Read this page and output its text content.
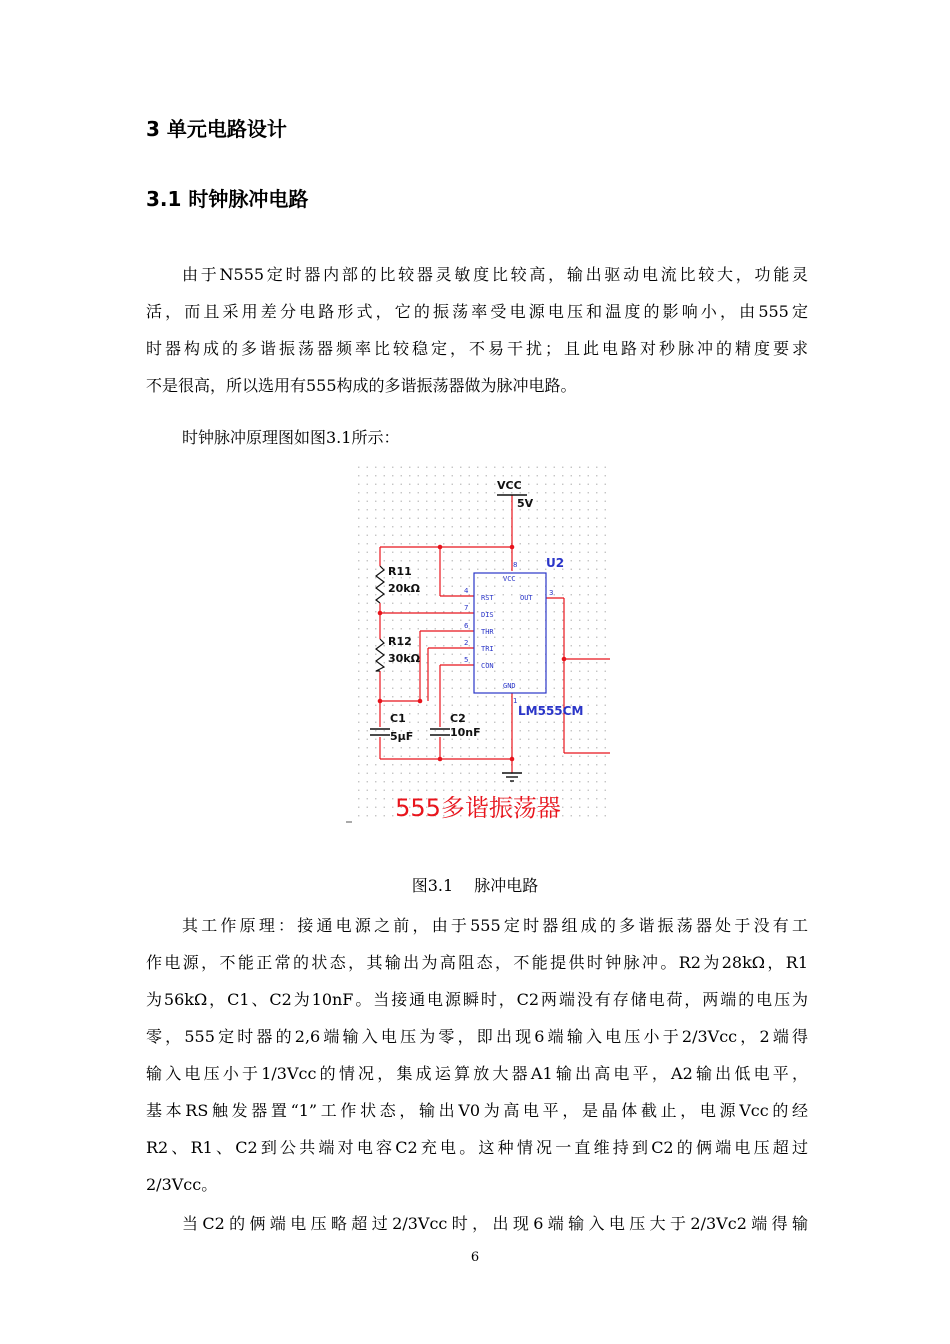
3 单元电路设计
3.1 时钟脉冲电路
由于N555定时器内部的比较器灵敏度比较高，输出驱动电流比较大，功能灵
活，而且采用差分电路形式，它的振荡率受电源电压和温度的影响小，由555定
时器构成的多谐振荡器频率比较稳定，不易干扰；且此电路对秒脉冲的精度要求
不是很高，所以选用有555构成的多谐振荡器做为脉冲电路。
时钟脉冲原理图如图3.1所示：
VCC
RST
DIS
THR
TRI
CON
GND
OUT
8
4
7
6
2
5
1
3
VCC
5V
R11
20kΩ
R12
30kΩ
C1
5µF
C2
10nF
U2
LM555CM
555多谐振荡器

图3.1　 脉冲电路

其工作原理：接通电源之前，由于555定时器组成的多谐振荡器处于没有工
作电源，不能正常的状态，其输出为高阻态，不能提供时钟脉冲。R2为28kΩ，R1
为56kΩ，C1、C2为10nF。当接通电源瞬时，C2两端没有存储电荷，两端的电压为
零，555定时器的2,6端输入电压为零，即出现6端输入电压小于2/3Vcc，2端得
输入电压小于1/3Vcc的情况，集成运算放大器A1输出高电平，A2输出低电平，
基本RS触发器置“1”工作状态，输出V0为高电平，是晶体截止，电源Vcc的经
R2、R1、C2到公共端对电容C2充电。这种情况一直维持到C2的俩端电压超过
2/3Vcc。
当C2的俩端电压略超过2/3Vcc时，出现6端输入电压大于2/3Vc2端得输

6
